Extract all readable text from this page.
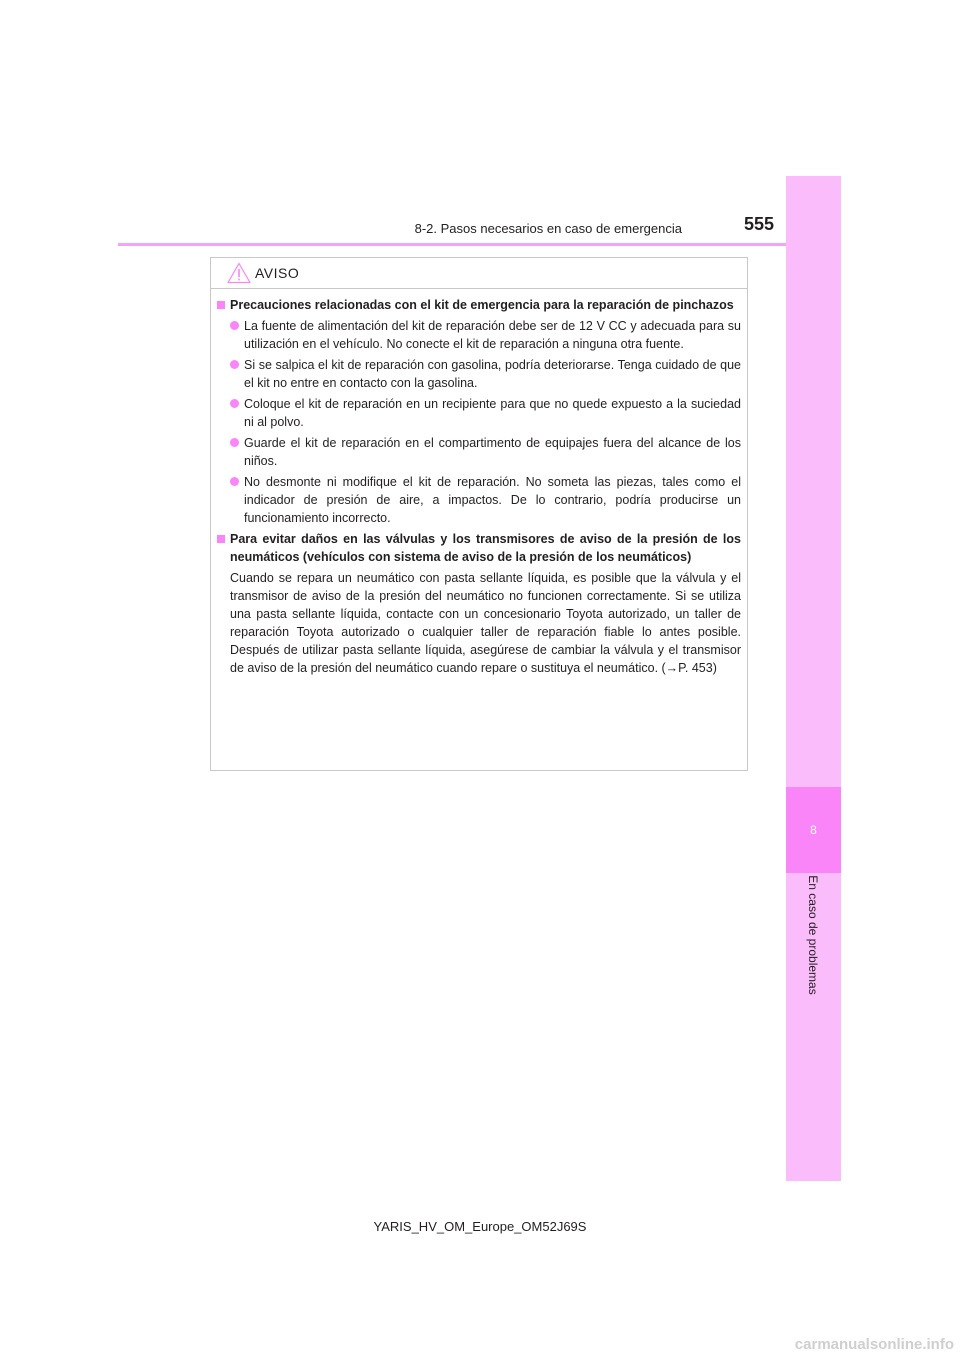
8-2. Pasos necesarios en caso de emergencia	555
8
En caso de problemas
AVISO
Precauciones relacionadas con el kit de emergencia para la reparación de pinchazos
La fuente de alimentación del kit de reparación debe ser de 12 V CC y adecuada para su utilización en el vehículo. No conecte el kit de reparación a ninguna otra fuente.
Si se salpica el kit de reparación con gasolina, podría deteriorarse. Tenga cuidado de que el kit no entre en contacto con la gasolina.
Coloque el kit de reparación en un recipiente para que no quede expuesto a la suciedad ni al polvo.
Guarde el kit de reparación en el compartimento de equipajes fuera del alcance de los niños.
No desmonte ni modifique el kit de reparación. No someta las piezas, tales como el indicador de presión de aire, a impactos. De lo contrario, podría producirse un funcionamiento incorrecto.
Para evitar daños en las válvulas y los transmisores de aviso de la presión de los neumáticos (vehículos con sistema de aviso de la presión de los neumáticos)
Cuando se repara un neumático con pasta sellante líquida, es posible que la válvula y el transmisor de aviso de la presión del neumático no funcionen correctamente. Si se utiliza una pasta sellante líquida, contacte con un concesionario Toyota autorizado, un taller de reparación Toyota autorizado o cualquier taller de reparación fiable lo antes posible. Después de utilizar pasta sellante líquida, asegúrese de cambiar la válvula y el transmisor de aviso de la presión del neumático cuando repare o sustituya el neumático. (→P. 453)
YARIS_HV_OM_Europe_OM52J69S
carmanualsonline.info
